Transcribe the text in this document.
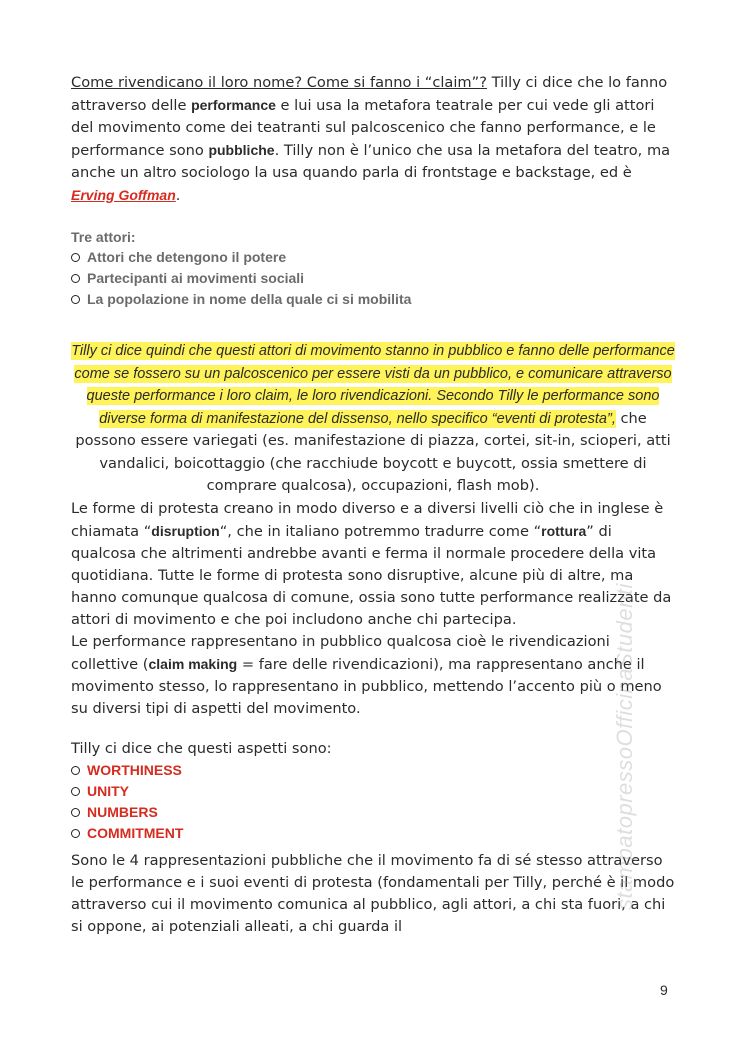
Come rivendicano il loro nome? Come si fanno i “claim”? Tilly ci dice che lo fanno attraverso delle performance e lui usa la metafora teatrale per cui vede gli attori del movimento come dei teatranti sul palcoscenico che fanno performance, e le performance sono pubbliche. Tilly non è l’unico che usa la metafora del teatro, ma anche un altro sociologo la usa quando parla di frontstage e backstage, ed è Erving Goffman.

Tre attori:
Attori che detengono il potere
Partecipanti ai movimenti sociali
La popolazione in nome della quale ci si mobilita

Tilly ci dice quindi che questi attori di movimento stanno in pubblico e fanno delle performance come se fossero su un palcoscenico per essere visti da un pubblico, e comunicare attraverso queste performance i loro claim, le loro rivendicazioni. Secondo Tilly le performance sono diverse forma di manifestazione del dissenso, nello specifico “eventi di protesta”, che possono essere variegati (es. manifestazione di piazza, cortei, sit-in, scioperi, atti vandalici, boicottaggio (che racchiude boycott e buycott, ossia smettere di comprare qualcosa), occupazioni, flash mob).

Le forme di protesta creano in modo diverso e a diversi livelli ciò che in inglese è chiamata “disruption“, che in italiano potremmo tradurre come “rottura” di qualcosa che altrimenti andrebbe avanti e ferma il normale procedere della vita quotidiana. Tutte le forme di protesta sono disruptive, alcune più di altre, ma hanno comunque qualcosa di comune, ossia sono tutte performance realizzate da attori di movimento e che poi includono anche chi partecipa.

Le performance rappresentano in pubblico qualcosa cioè le rivendicazioni collettive (claim making = fare delle rivendicazioni), ma rappresentano anche il movimento stesso, lo rappresentano in pubblico, mettendo l’accento più o meno su diversi tipi di aspetti del movimento.

Tilly ci dice che questi aspetti sono:

WORTHINESS
UNITY
NUMBERS
COMMITMENT

Sono le 4 rappresentazioni pubbliche che il movimento fa di sé stesso attraverso le performance e i suoi eventi di protesta (fondamentali per Tilly, perché è il modo attraverso cui il movimento comunica al pubblico, agli attori, a chi sta fuori, a chi si oppone, ai potenziali alleati, a chi guarda il

stampatopressoOfficinaStudenti
9
